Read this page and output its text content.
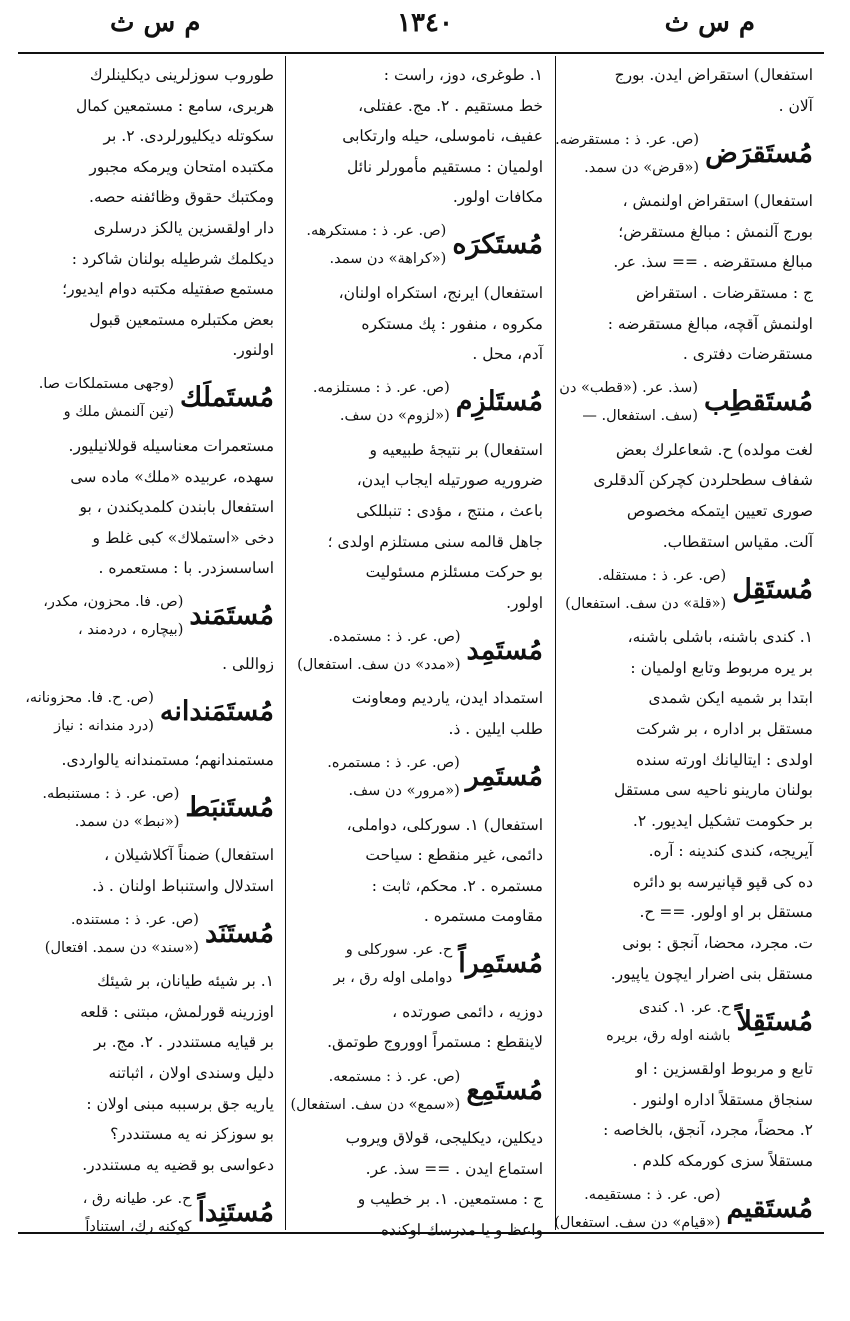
م س ث
١٣٤٠
م س ث
استفعال) استقراض ایدن. بورج
آلان .
مُستَقرَض
(ص. عر. ذ : مستقرضه.
(«قرض» دن سمد.
استفعال) استقراض اولنمش ،
بورج آلنمش : مبالغ مستقرض؛
مبالغ مستقرضه . == سذ. عر.
ج : مستقرضات . استقراض
اولنمش آقچه، مبالغ مستقرضه :
مستقرضات دفتری .
مُستَقطِب
(سذ. عر. («قطب» دن
(سف. استفعال. —
لغت مولده) ح. شعاعلرك بعض
شفاف سطحلردن کچرکن آلدقلری
صوری تعیین ایتمکه مخصوص
آلت. مقیاس استقطاب.
مُستَقِل
(ص. عر. ذ : مستقله.
(«قلة» دن سف. استفعال)
١. کندی باشنه، باشلی باشنه،
بر یره مربوط وتابع اولمیان :
ابتدا بر شمیه ایکن شمدی
مستقل بر اداره ، بر شرکت
اولدی : ایتالیانك اورته سنده
بولنان مارینو ناحیه سی مستقل
بر حکومت تشکیل ایدیور. ٢.
آیریجه، کندی کندینه : آره.
ده کی قپو قپانیرسه بو دائره
مستقل بر او اولور. == ح.
ت. مجرد، محضا، آنجق : بونی
مستقل بنی اضرار ایچون یاپیور.
مُستَقِلاً
ح. عر. ١. کندی
باشنه اوله رق، بریره
تابع و مربوط اولقسزین : او
سنجاق مستقلاً اداره اولنور .
٢. محضاً، مجرد، آنجق، بالخاصه :
مستقلاً سزی کورمکه کلدم .
مُستَقیم
(ص. عر. ذ : مستقیمه.
(«قیام» دن سف. استفعال)
١. طوغری، دوز، راست :
خط مستقیم . ٢. مج. عفتلی،
عفیف، ناموسلی، حیله وارتکابی
اولمیان : مستقیم مأمورلر نائل
مکافات اولور.
مُستَکرَه
(ص. عر. ذ : مستکرهه.
(«کراهة» دن سمد.
استفعال) ایرنج، استکراه اولنان،
مکروه ، منفور : پك مستکره
آدم، محل .
مُستَلزِم
(ص. عر. ذ : مستلزمه.
(«لزوم» دن سف.
استفعال) بر نتیجهٔ طبیعیه و
ضروریه صورتیله ایجاب ایدن،
باعث ، منتج ، مؤدی : تنبللکی
جاهل قالمه سنی مستلزم اولدی ؛
بو حرکت مسئلزم مسئولیت
اولور.
مُستَمِد
(ص. عر. ذ : مستمده.
(«مدد» دن سف. استفعال)
استمداد ایدن، یاردیم ومعاونت
طلب ایلین . ذ.
مُستَمِر
(ص. عر. ذ : مستمره.
(«مرور» دن سف.
استفعال) ١. سورکلی، دواملی،
دائمی، غیر منقطع : سیاحت
مستمره . ٢. محکم، ثابت :
مقاومت مستمره .
مُستَمِراً
ح. عر. سورکلی و
دواملی اوله رق ، بر
دوزیه ، دائمی صورتده ،
لاینقطع : مستمراً اووروج طوتمق.
مُستَمِع
(ص. عر. ذ : مستمعه.
(«سمع» دن سف. استفعال)
دیکلین، دیکلیجی، قولاق ویروب
استماع ایدن . == سذ. عر.
ج : مستمعین. ١. بر خطیب و
واعظ و یا مدرسك اوکنده
طوروب سوزلرینی دیکلینلرك
هربری، سامع : مستمعین کمال
سکوتله دیکلیورلردی. ٢. بر
مکتبده امتحان ویرمکه مجبور
ومکتبك حقوق وظائفنه حصه.
دار اولقسزین یالکز درسلری
دیکلمك شرطیله بولنان شاکرد :
مستمع صفتیله مکتبه دوام ایدیور؛
بعض مکتبلره مستمعین قبول
اولنور.
مُستَملَك
(وجهی مستملکات صا.
(تین آلنمش ملك و
مستعمرات معناسیله قوللانیلیور.
سهده، عربیده «ملك» ماده سی
استفعال بابندن کلمدیکندن ، بو
دخی «استملاك» کبی غلط و
اساسسزدر. با : مستعمره .
مُستَمَند
(ص. فا. محزون، مکدر،
(بیچاره ، دردمند ،
زواللی .
مُستَمَندانه
(ص. ح. فا. محزونانه،
(درد مندانه : نیاز
مستمندانهم؛ مستمندانه یالواردی.
مُستَنبَط
(ص. عر. ذ : مستنبطه.
(«نبط» دن سمد.
استفعال) ضمناً آکلاشیلان ،
استدلال واستنباط اولنان . ذ.
مُستَنَد
(ص. عر. ذ : مستنده.
(«سند» دن سمد. افتعال)
١. بر شیئه طیانان، بر شیئك
اوزرینه قورلمش، مبتنی : قلعه
بر قیایه مستنددر . ٢. مج. بر
دلیل وسندی اولان ، اثباتنه
یاریه جق برسببه مبنی اولان :
بو سوزکز نه یه مستنددر؟
دعواسی بو قضیه یه مستنددر.
مُستَنِداً
ح. عر. طیانه رق ،
کوکنه رك، استناداً
